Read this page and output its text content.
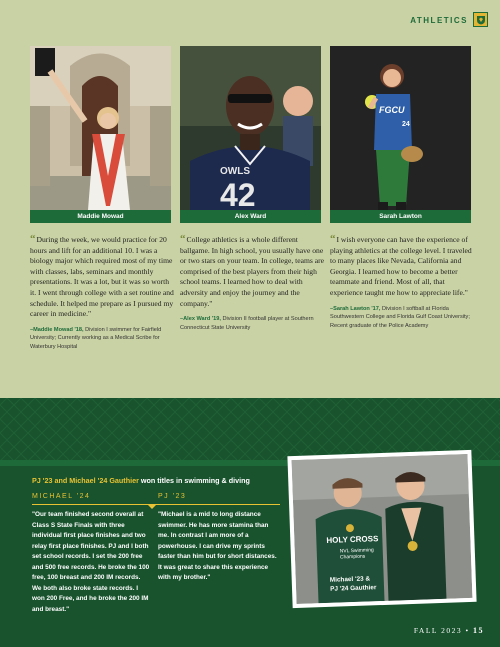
ATHLETICS
Maddie Mowad
OWLS
42
Alex Ward
FGCU
24
Sarah Lawton

“During the week, we would practice for 20 hours and lift for an additional 10. I was a biology major which required most of my time with classes, labs, seminars and monthly presentations. It was a lot, but it was so worth it. I went through college with a set routine and schedule. It helped me prepare as I pursued my career in medicine."

–Maddie Mowad '18, Division I swimmer for Fairfield University; Currently working as a Medical Scribe for Waterbury Hospital

“College athletics is a whole different ballgame. In high school, you usually have one or two stars on your team. In college, teams are comprised of the best players from their high school teams. I learned how to deal with adversity and enjoy the journey and the company."

–Alex Ward '19, Division II football player at Southern Connecticut State University

“I wish everyone can have the experience of playing athletics at the college level. I traveled to many places like Nevada, California and Georgia. I learned how to become a better teammate and friend. Most of all, that experience taught me how to appreciate life."

–Sarah Lawton '17, Division I softball at Florida Southwestern College and Florida Gulf Coast University; Recent graduate of the Police Academy

PJ '23 and Michael '24 Gauthier won titles in swimming & diving
MICHAEL '24	PJ '23

"Our team finished second overall at Class S State Finals with three individual first place finishes and two relay first place finishes. PJ and I both set school records. I set the 200 free and 500 free records. He broke the 100 free, 100 breast and 200 IM records. We both also broke state records. I won 200 Free, and he broke the 200 IM and breast."

"Michael is a mid to long distance swimmer. He has more stamina than me. In contrast I am more of a powerhouse. I can drive my sprints faster than him but for short distances. It was great to share this experience with my brother."

HOLY CROSS
NVL Swimming
Champions
Michael '23 &
PJ '24 Gauthier
FALL 2023 • 15
